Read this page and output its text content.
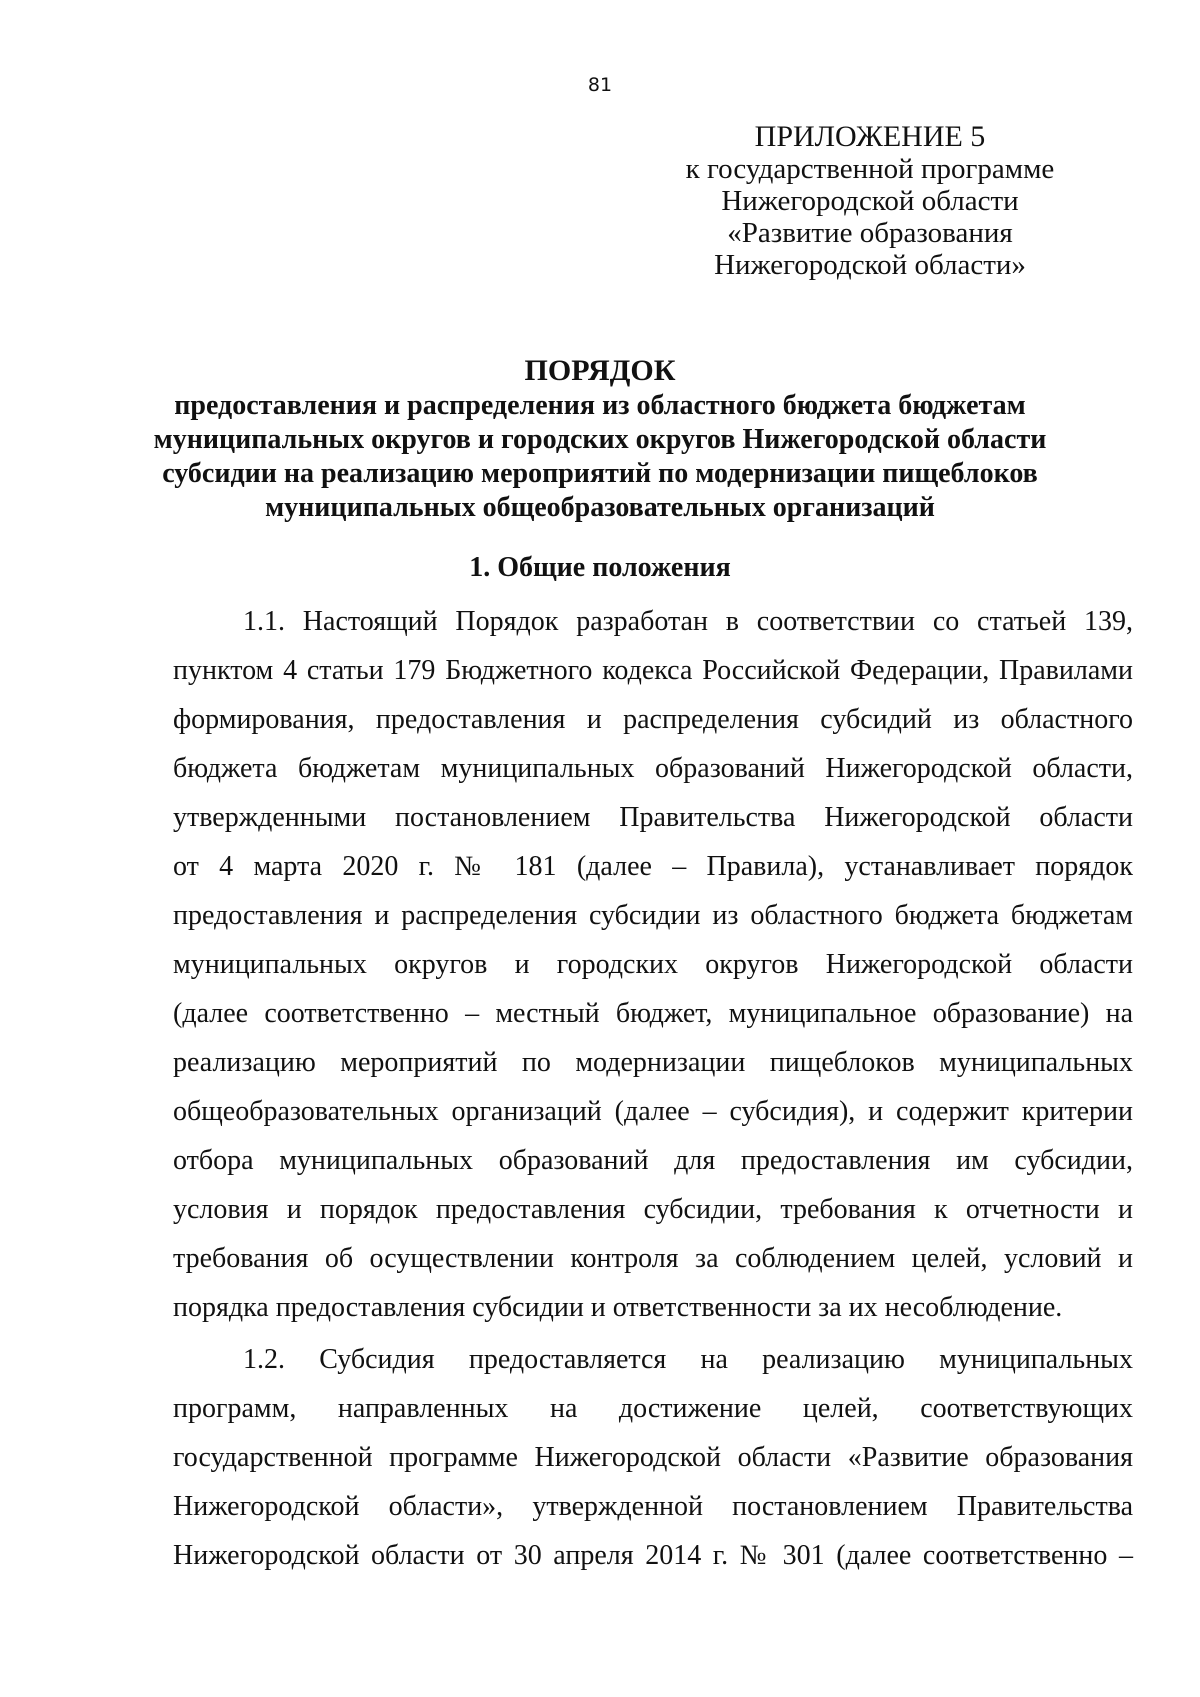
81
ПРИЛОЖЕНИЕ 5
к государственной программе
Нижегородской области
«Развитие образования
Нижегородской области»
ПОРЯДОК
предоставления и распределения из областного бюджета бюджетам
муниципальных округов и городских округов Нижегородской области
субсидии на реализацию мероприятий по модернизации пищеблоков
муниципальных общеобразовательных организаций
1. Общие положения
1.1. Настоящий Порядок разработан в соответствии со статьей 139,
пунктом 4 статьи 179 Бюджетного кодекса Российской Федерации, Правилами
формирования, предоставления и распределения субсидий из областного
бюджета бюджетам муниципальных образований Нижегородской области,
утвержденными постановлением Правительства Нижегородской области
от 4 марта 2020 г. № 181 (далее – Правила), устанавливает порядок
предоставления и распределения субсидии из областного бюджета бюджетам
муниципальных округов и городских округов Нижегородской области
(далее соответственно – местный бюджет, муниципальное образование) на
реализацию мероприятий по модернизации пищеблоков муниципальных
общеобразовательных организаций (далее – субсидия), и содержит критерии
отбора муниципальных образований для предоставления им субсидии,
условия и порядок предоставления субсидии, требования к отчетности и
требования об осуществлении контроля за соблюдением целей, условий и
порядка предоставления субсидии и ответственности за их несоблюдение.
1.2. Субсидия предоставляется на реализацию муниципальных
программ, направленных на достижение целей, соответствующих
государственной программе Нижегородской области «Развитие образования
Нижегородской области», утвержденной постановлением Правительства
Нижегородской области от 30 апреля 2014 г. № 301 (далее соответственно –
